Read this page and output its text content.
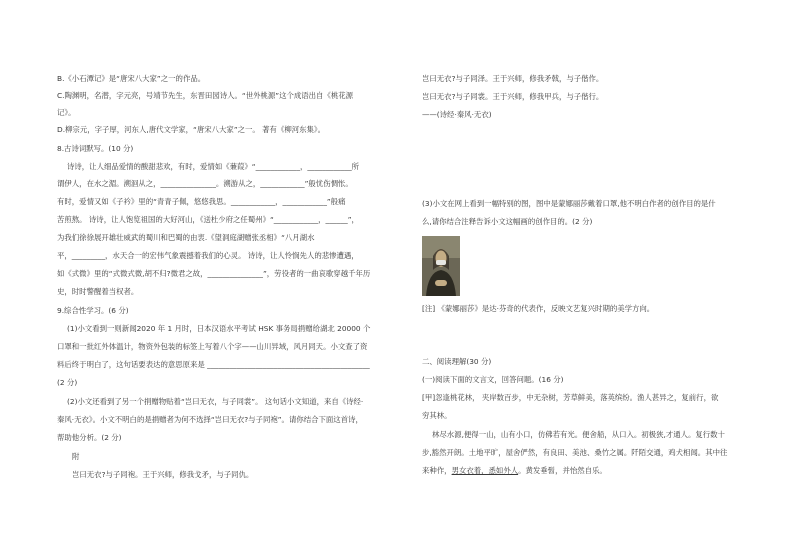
B.《小石潭记》是“唐宋八大家”之一的作品。
C.陶渊明，名潜，字元亮，号靖节先生，东晋田园诗人。“世外桃源”这个成语出自《桃花源
记》。
D.柳宗元，字子厚，河东人,唐代文学家，“唐宋八大家”之一。 著有《柳河东集》。
8.古诗词默写。(10 分)
诗诗，让人细品爱情的酸甜悲欢，有时，爱情如《蒹葭》“____________，____________所
谓伊人，在水之湄。溯洄从之，_______________。溯游从之，____________”般忧伤惆怅。
有时，爱情又如《子衿》里的“青青子佩，悠悠我思。____________，____________”般痛
苦煎熬。 诗诗，让人饱览祖国的大好河山，《送杜少府之任蜀州》“____________，______”，
为我们徐徐展开雄壮威武的蜀川和巴蜀的由衷.《望洞庭湖赠张丞相》“八月湖水
平，_________，水天合一的宏伟气象震撼着我们的心灵。 诗诗，让人怜悯先人的悲惨遭遇，
如《式微》里的“式微式微,胡不归?微君之故，_______________”，劳役者的一曲哀歌穿越千年历
史，时时警醒着当权者。
9.综合性学习。(6 分)
(1)小文看到一则新闻2020 年 1 月时，日本汉语水平考试 HSK 事务局捐赠给湖北 20000 个
口罩和一批红外体温计，物资外包装的标签上写着八个字——山川异域，风月同天。小文查了资
料后终于明白了，这句话要表达的意思原来是 ____________________________________________
(2 分)
(2)小文还看到了另一个捐赠物贴着“岂曰无衣，与子同裳”。 这句话小文知道，来自《诗经·
秦风·无衣》。小文不明白的是捐赠者为何不选择“岂曰无衣?与子同袍”。请你结合下面这首诗，
帮助他分析。(2 分)
附
岂曰无衣?与子同袍。王于兴师，修我戈矛，与子同仇。
岂曰无衣?与子同泽。王于兴师，修我矛戟，与子偕作。
岂曰无衣?与子同裳。王于兴师，修我甲兵，与子偕行。
——(诗经·秦风·无衣)
(3)小文在网上看到一幅特别的图，图中是蒙娜丽莎戴着口罩,他不明白作者的创作目的是什
么,请你结合注释告诉小文这幅画的创作目的。(2 分)
[注] 《蒙娜丽莎》是达·芬奇的代表作，反映文艺复兴时期的美学方向。
二、阅读理解(30 分)
(一)阅读下面的文言文，回答问题。(16 分)
[甲]忽逢桃花林， 夹岸数百步，中无杂树，芳草鲜美，落英缤纷。渔人甚异之，复前行，欲
穷其林。
林尽水源,便得一山，山有小口，仿佛若有光。便舍船，从口入。初极狭,才通人。复行数十
步,豁然开朗。土地平旷，屋舍俨然，有良田、美池、桑竹之属。阡陌交通，鸡犬相闻。其中往
来种作，男女衣着，悉如外人。黄发垂髫，并怡然自乐。
